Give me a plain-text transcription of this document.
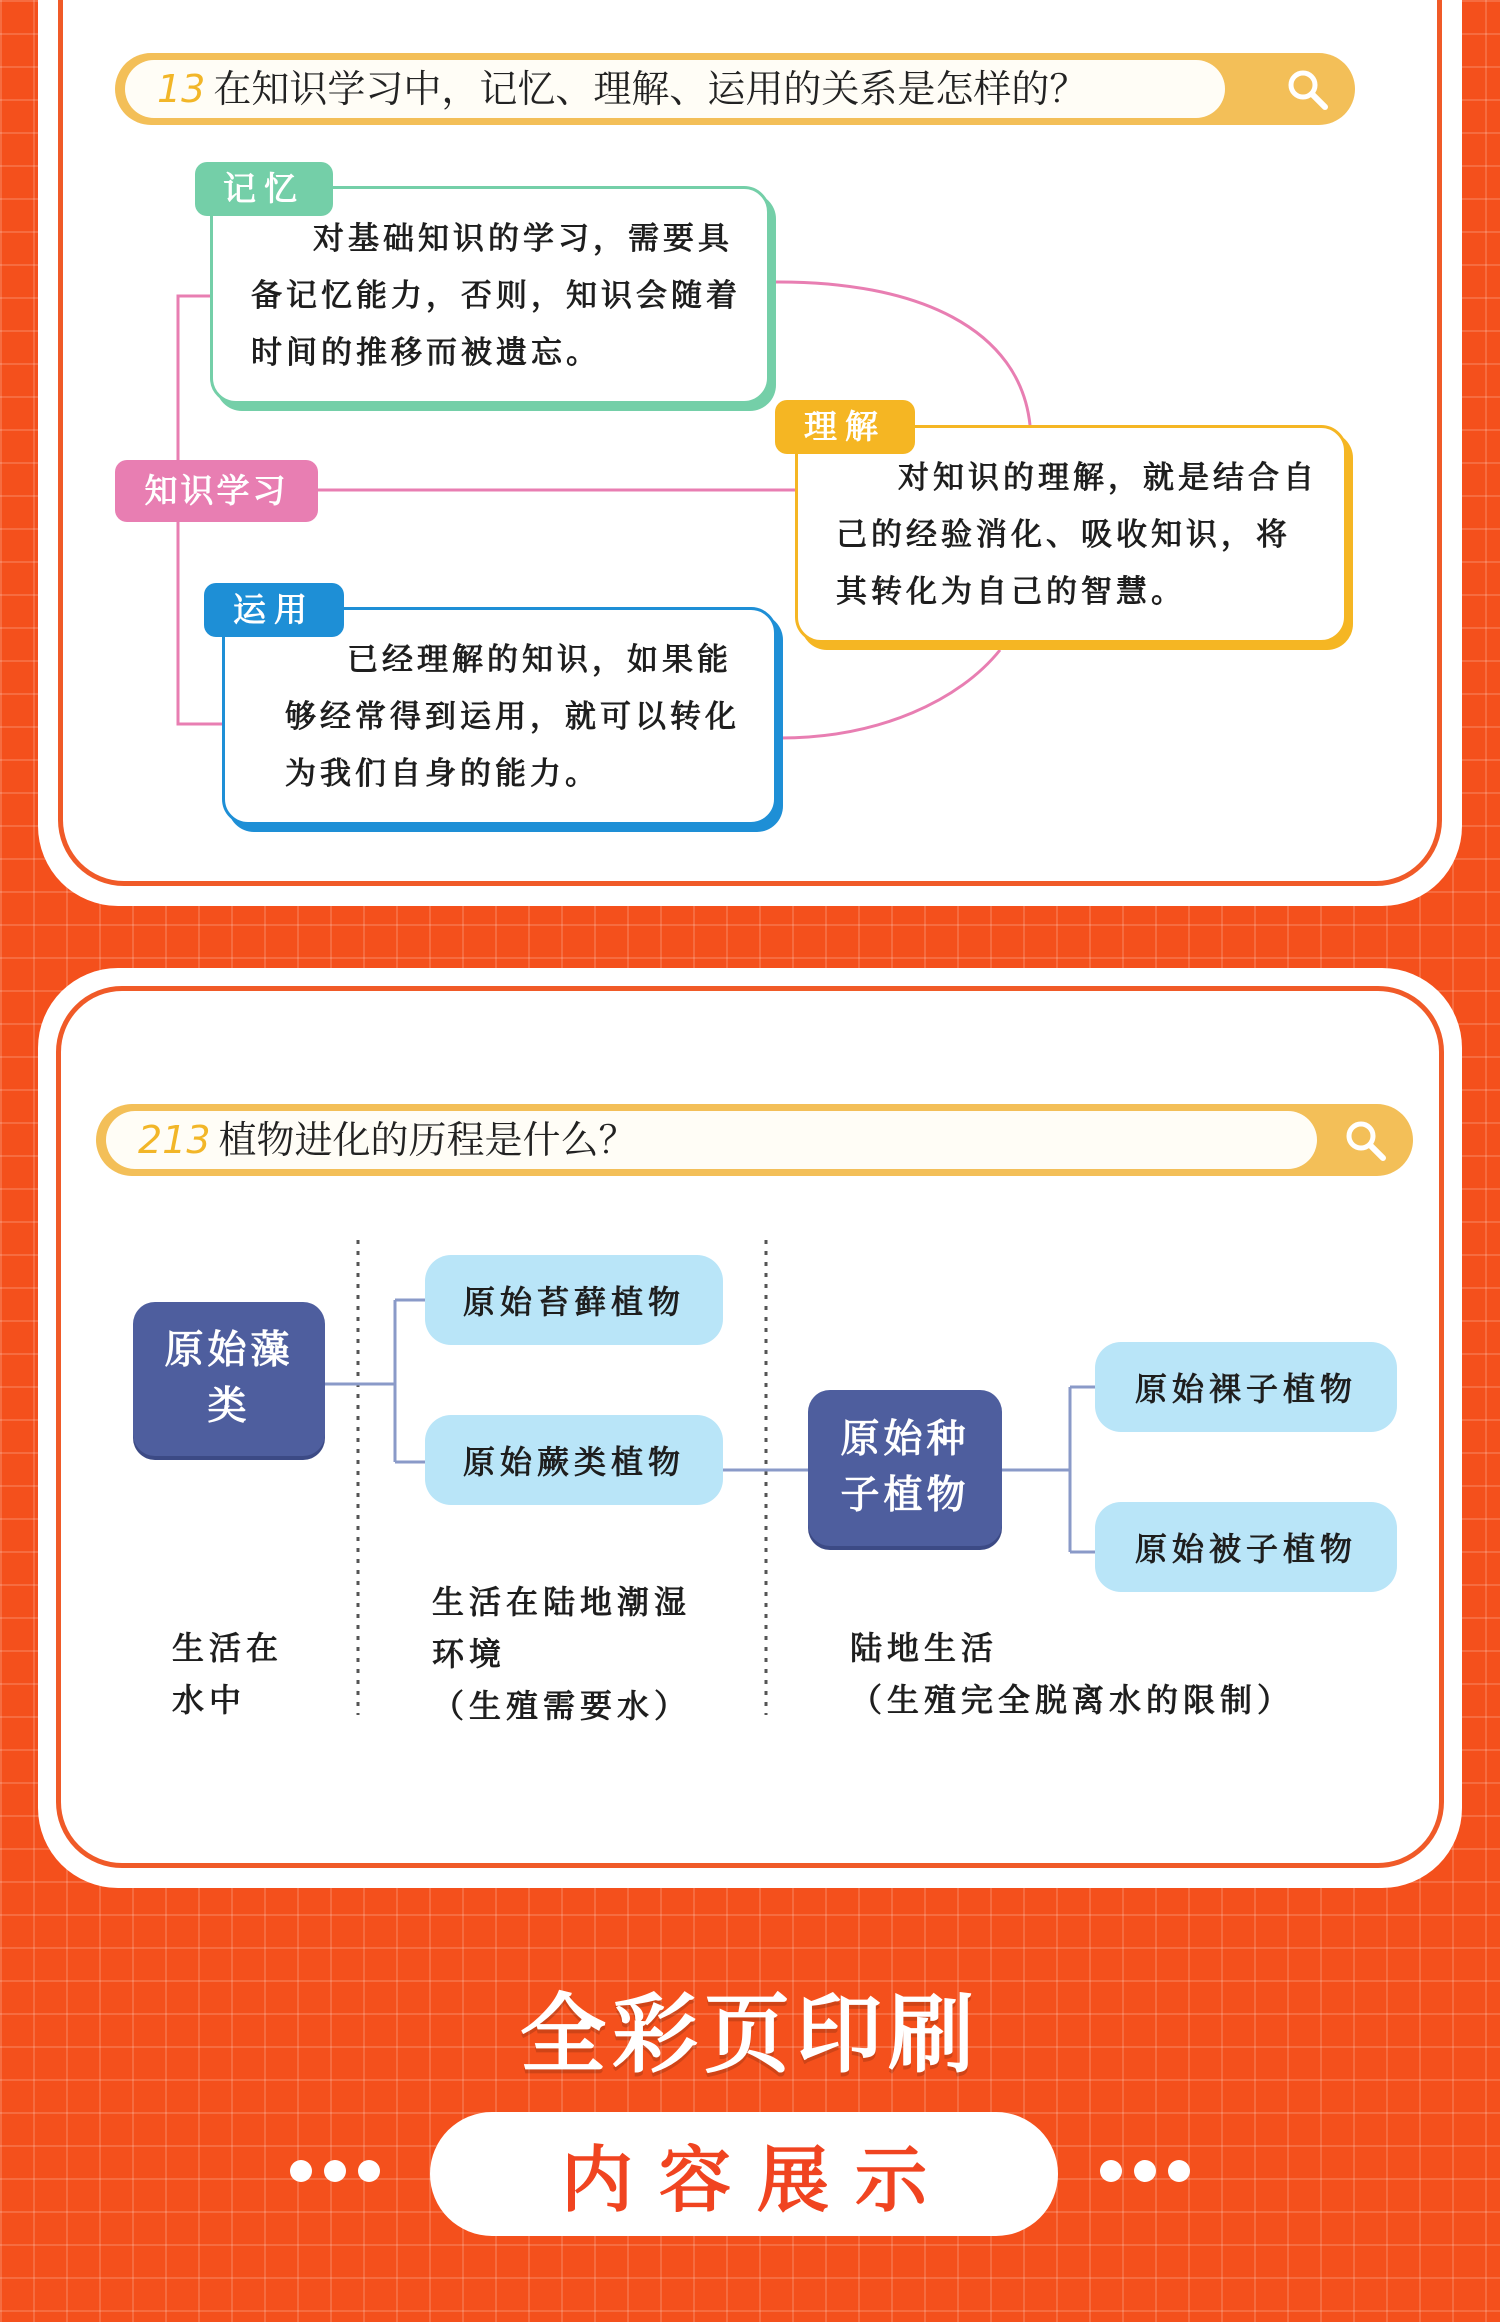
13 在知识学习中，记忆、理解、运用的关系是怎样的？
知识学习
对基础知识的学习，需要具备记忆能力，否则，知识会随着时间的推移而被遗忘。
记忆
对知识的理解，就是结合自己的经验消化、吸收知识，将其转化为自己的智慧。
理解
已经理解的知识，如果能够经常得到运用，就可以转化为我们自身的能力。
运用
213 植物进化的历程是什么？
原始藻类
原始苔藓植物
原始蕨类植物	原始种子植物
原始裸子植物
原始被子植物
生活在
水中
生活在陆地潮湿
环境
（生殖需要水）
陆地生活
（生殖完全脱离水的限制）
全彩页印刷
内容展示
